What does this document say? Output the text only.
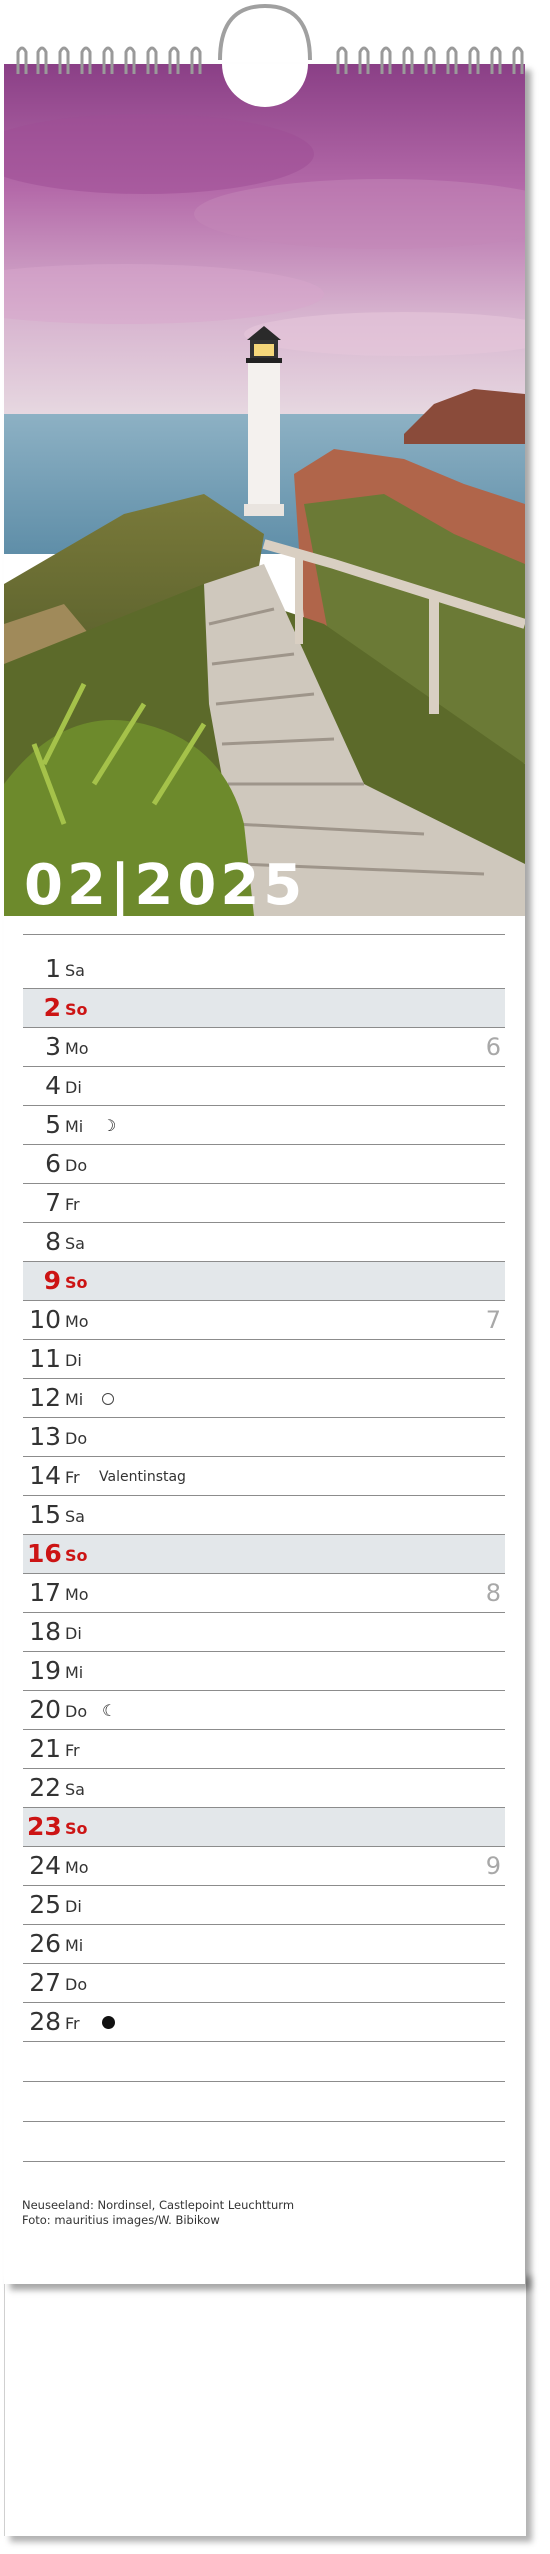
02|2025
1 Sa
2 So
3 Mo	6
4 Di
5 Mi ☽
6 Do
7 Fr
8 Sa
9 So
10 Mo	7
11 Di
12 Mi
13 Do
14 Fr Valentinstag
15 Sa
16 So
17 Mo	8
18 Di
19 Mi
20 Do ☾
21 Fr
22 Sa
23 So
24 Mo	9
25 Di
26 Mi
27 Do
28 Fr
Neuseeland: Nordinsel, Castlepoint Leuchtturm
Foto: mauritius images/W. Bibikow
